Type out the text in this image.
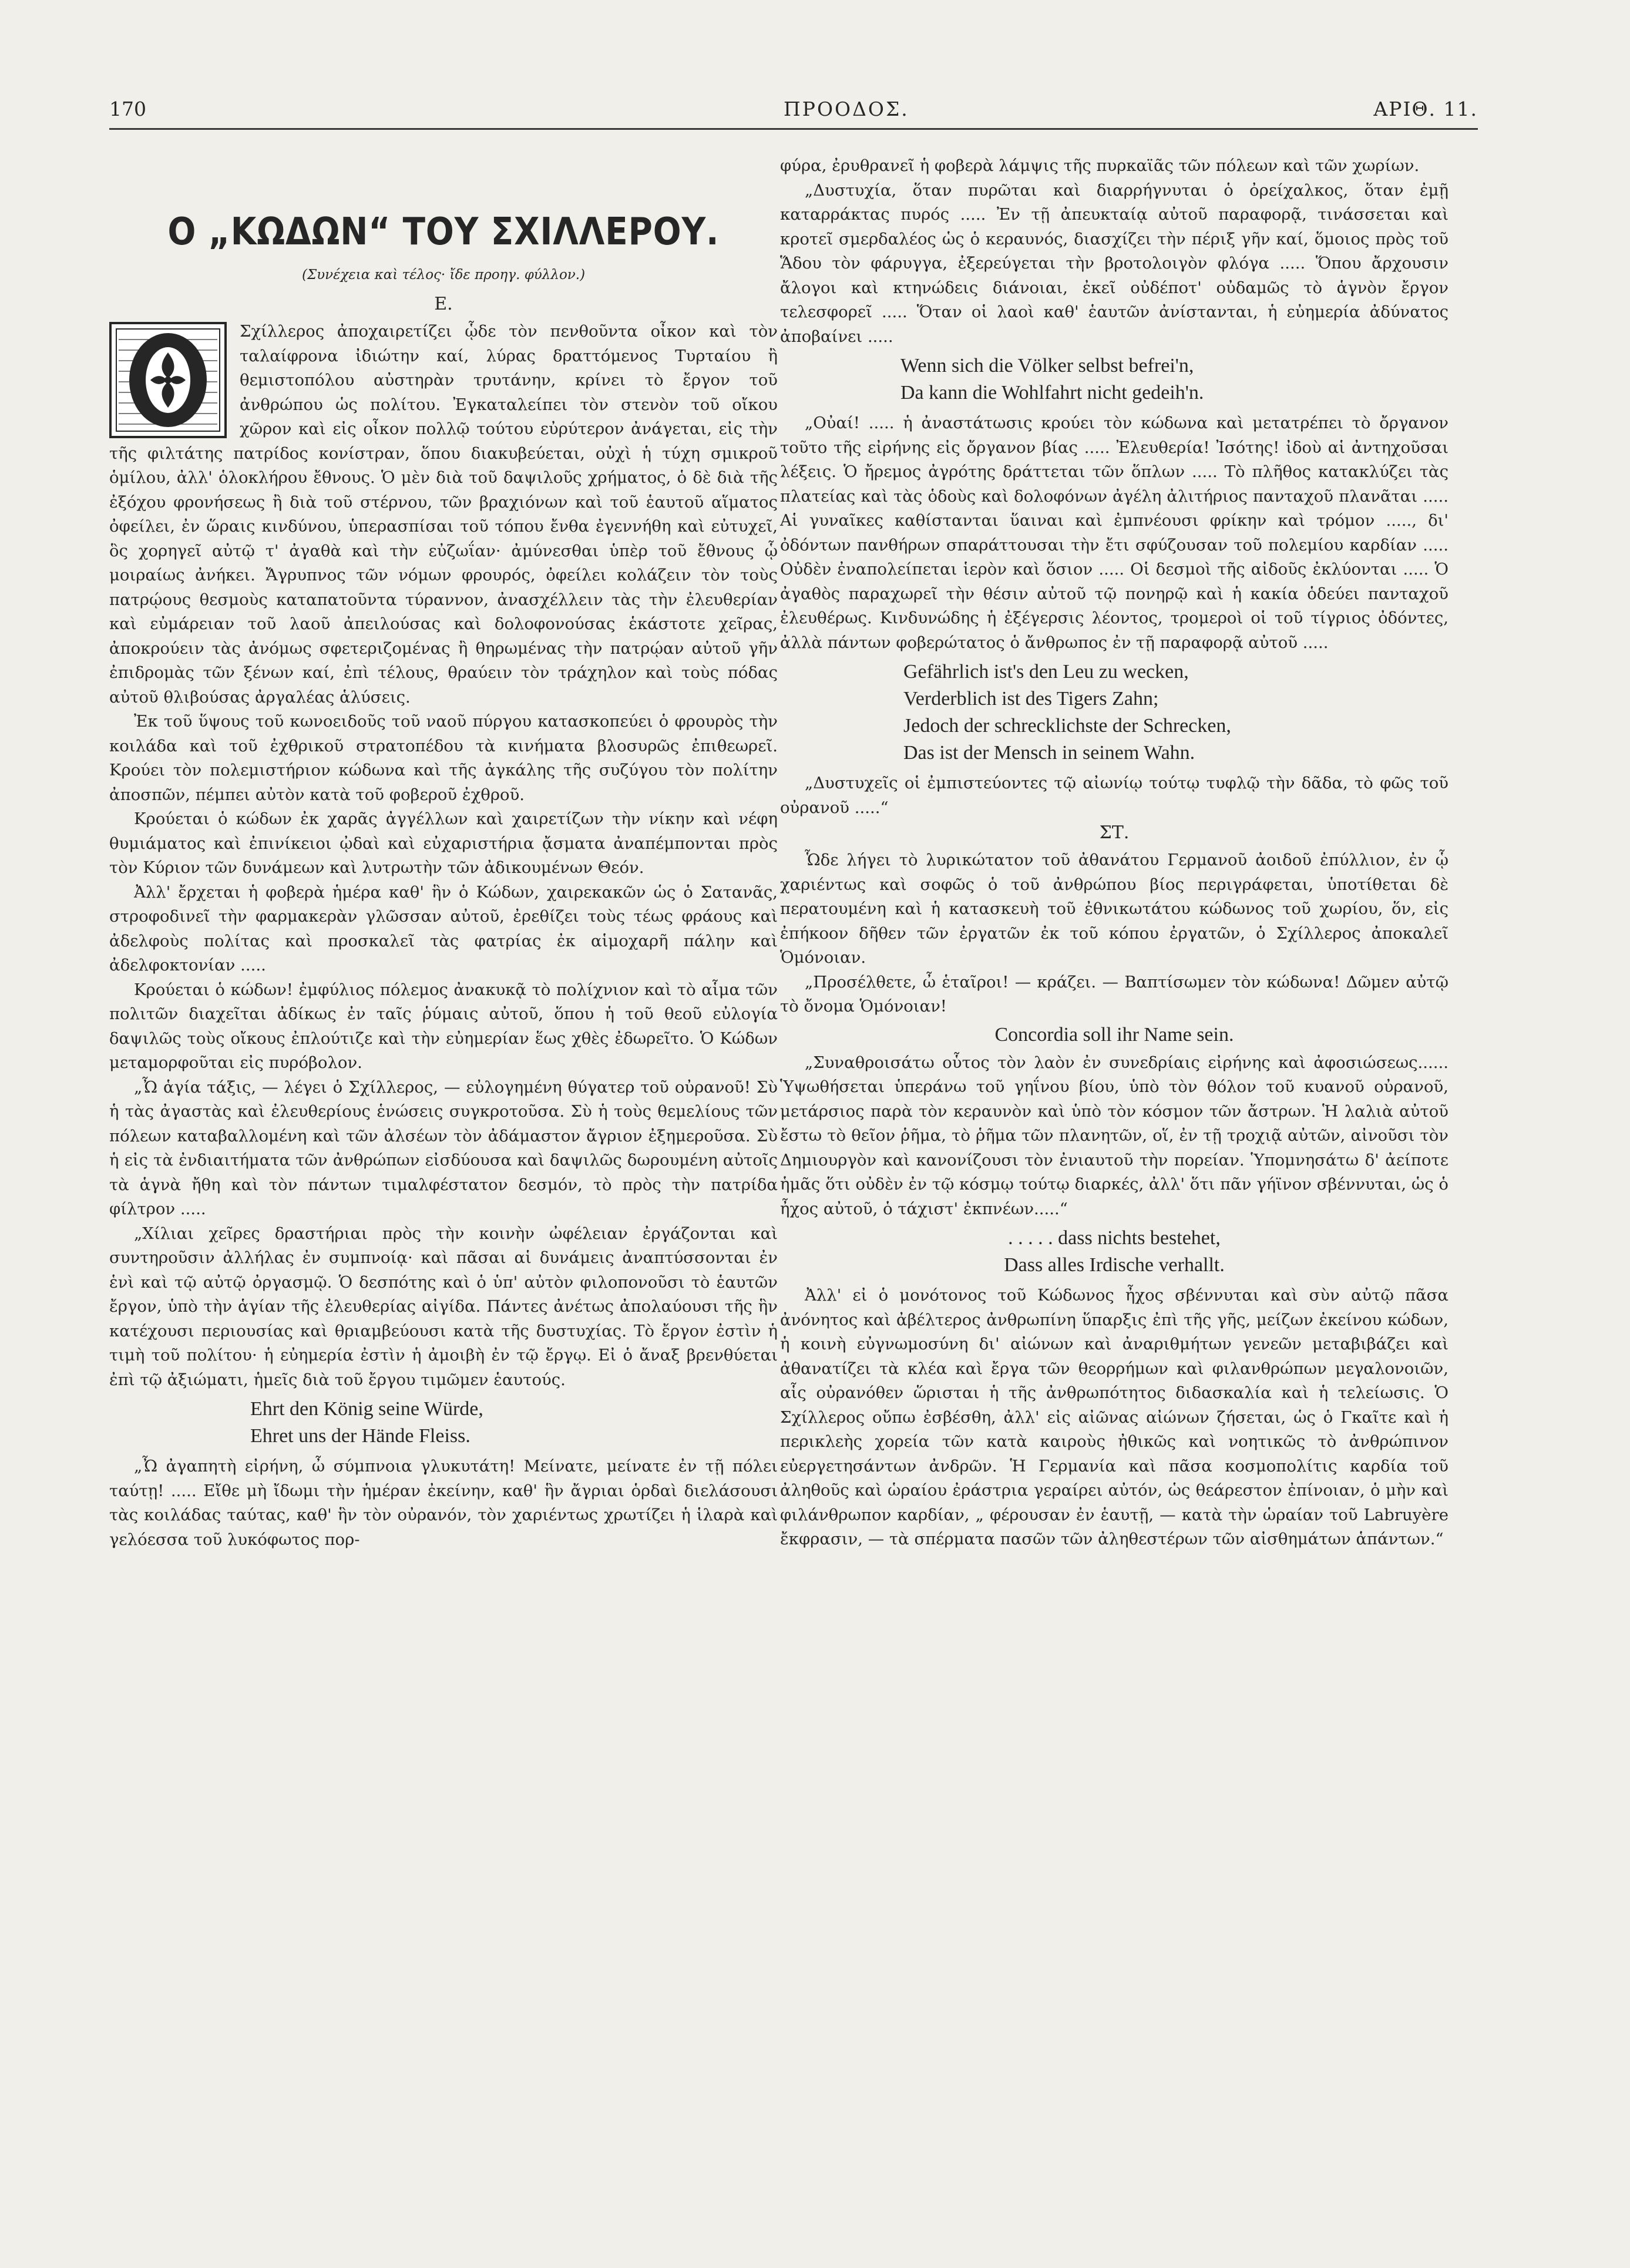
170	ΠΡΟΟΔΟΣ.	ΑΡΙΘ. 11.
Ο „ΚΩΔΩΝ“ ΤΟΥ ΣΧΙΛΛΕΡΟΥ.
(Συνέχεια καὶ τέλος· ἴδε προηγ. φύλλον.)
Ε.

Σχίλλερος ἀποχαιρετίζει ᾧδε τὸν πενθοῦντα οἶκον καὶ τὸν ταλαίφρονα ἰδιώτην καί, λύρας δραττόμενος Τυρταίου ἢ θεμιστοπόλου αὐστηρὰν τρυτάνην, κρίνει τὸ ἔργον τοῦ ἀνθρώπου ὡς πολίτου. Ἐγκαταλείπει τὸν στενὸν τοῦ οἴκου χῶρον καὶ εἰς οἶκον πολλῷ τούτου εὐρύτερον ἀνάγεται, εἰς τὴν τῆς φιλτάτης πατρίδος κονίστραν, ὅπου διακυβεύεται, οὐχὶ ἡ τύχη σμικροῦ ὁμίλου, ἀλλ' ὁλοκλήρου ἔθνους. Ὁ μὲν διὰ τοῦ δαψιλοῦς χρήματος, ὁ δὲ διὰ τῆς ἐξόχου φρονήσεως ἢ διὰ τοῦ στέρνου, τῶν βραχιόνων καὶ τοῦ ἑαυτοῦ αἵματος ὀφείλει, ἐν ὥραις κινδύνου, ὑπερασπίσαι τοῦ τόπου ἔνθα ἐγεννήθη καὶ εὐτυχεῖ, ὃς χορηγεῖ αὐτῷ τ' ἀγαθὰ καὶ τὴν εὐζωΐαν· ἀμύνεσθαι ὑπὲρ τοῦ ἔθνους ᾧ μοιραίως ἀνήκει. Ἄγρυπνος τῶν νόμων φρουρός, ὀφείλει κολάζειν τὸν τοὺς πατρῴους θεσμοὺς καταπατοῦντα τύραννον, ἀνασχέλλειν τὰς τὴν ἐλευθερίαν καὶ εὐμάρειαν τοῦ λαοῦ ἀπειλούσας καὶ δολοφονούσας ἑκάστοτε χεῖρας, ἀποκρούειν τὰς ἀνόμως σφετεριζομένας ἢ θηρωμένας τὴν πατρῴαν αὐτοῦ γῆν ἐπιδρομὰς τῶν ξένων καί, ἐπὶ τέλους, θραύειν τὸν τράχηλον καὶ τοὺς πόδας αὐτοῦ θλιβούσας ἀργαλέας ἁλύσεις.

Ἐκ τοῦ ὕψους τοῦ κωνοειδοῦς τοῦ ναοῦ πύργου κατασκοπεύει ὁ φρουρὸς τὴν κοιλάδα καὶ τοῦ ἐχθρικοῦ στρατοπέδου τὰ κινήματα βλοσυρῶς ἐπιθεωρεῖ. Κρούει τὸν πολεμιστήριον κώδωνα καὶ τῆς ἀγκάλης τῆς συζύγου τὸν πολίτην ἀποσπῶν, πέμπει αὐτὸν κατὰ τοῦ φοβεροῦ ἐχθροῦ.

Κρούεται ὁ κώδων ἐκ χαρᾶς ἀγγέλλων καὶ χαιρετίζων τὴν νίκην καὶ νέφη θυμιάματος καὶ ἐπινίκειοι ᾠδαὶ καὶ εὐχαριστήρια ᾄσματα ἀναπέμπονται πρὸς τὸν Κύριον τῶν δυνάμεων καὶ λυτρωτὴν τῶν ἀδικουμένων Θεόν.

Ἀλλ' ἔρχεται ἡ φοβερὰ ἡμέρα καθ' ἣν ὁ Κώδων, χαιρεκακῶν ὡς ὁ Σατανᾶς, στροφοδινεῖ τὴν φαρμακερὰν γλῶσσαν αὐτοῦ, ἐρεθίζει τοὺς τέως φράους καὶ ἀδελφοὺς πολίτας καὶ προσκαλεῖ τὰς φατρίας ἐκ αἱμοχαρῆ πάλην καὶ ἀδελφοκτονίαν .....

Κρούεται ὁ κώδων! ἐμφύλιος πόλεμος ἀνακυκᾷ τὸ πολίχνιον καὶ τὸ αἷμα τῶν πολιτῶν διαχεῖται ἀδίκως ἐν ταῖς ῥύμαις αὐτοῦ, ὅπου ἡ τοῦ θεοῦ εὐλογία δαψιλῶς τοὺς οἴκους ἐπλούτιζε καὶ τὴν εὐημερίαν ἕως χθὲς ἐδωρεῖτο. Ὁ Κώδων μεταμορφοῦται εἰς πυρόβολον.

„Ὦ ἁγία τάξις, — λέγει ὁ Σχίλλερος, — εὐλογημένη θύγατερ τοῦ οὐρανοῦ! Σὺ ἡ τὰς ἀγαστὰς καὶ ἐλευθερίους ἑνώσεις συγκροτοῦσα. Σὺ ἡ τοὺς θεμελίους τῶν πόλεων καταβαλλομένη καὶ τῶν ἀλσέων τὸν ἀδάμαστον ἄγριον ἐξημεροῦσα. Σὺ ἡ εἰς τὰ ἐνδιαιτήματα τῶν ἀνθρώπων εἰσδύουσα καὶ δαψιλῶς δωρουμένη αὐτοῖς τὰ ἁγνὰ ἤθη καὶ τὸν πάντων τιμαλφέστατον δεσμόν, τὸ πρὸς τὴν πατρίδα φίλτρον .....

„Χίλιαι χεῖρες δραστήριαι πρὸς τὴν κοινὴν ὠφέλειαν ἐργάζονται καὶ συντηροῦσιν ἀλλήλας ἐν συμπνοίᾳ· καὶ πᾶσαι αἱ δυνάμεις ἀναπτύσσονται ἐν ἑνὶ καὶ τῷ αὐτῷ ὀργασμῷ. Ὁ δεσπότης καὶ ὁ ὑπ' αὐτὸν φιλοπονοῦσι τὸ ἑαυτῶν ἔργον, ὑπὸ τὴν ἁγίαν τῆς ἐλευθερίας αἰγίδα. Πάντες ἀνέτως ἀπολαύουσι τῆς ἣν κατέχουσι περιουσίας καὶ θριαμβεύουσι κατὰ τῆς δυστυχίας. Τὸ ἔργον ἐστὶν ἡ τιμὴ τοῦ πολίτου· ἡ εὐημερία ἐστὶν ἡ ἀμοιβὴ ἐν τῷ ἔργῳ. Εἰ ὁ ἄναξ βρενθύεται ἐπὶ τῷ ἀξιώματι, ἡμεῖς διὰ τοῦ ἔργου τιμῶμεν ἑαυτούς.

Ehrt den König seine Würde,
Ehret uns der Hände Fleiss.

„Ὦ ἀγαπητὴ εἰρήνη, ὦ σύμπνοια γλυκυτάτη! Μείνατε, μείνατε ἐν τῇ πόλει ταύτῃ! ..... Εἴθε μὴ ἴδωμι τὴν ἡμέραν ἐκείνην, καθ' ἣν ἄγριαι ὁρδαὶ διελάσουσι τὰς κοιλάδας ταύτας, καθ' ἣν τὸν οὐρανόν, τὸν χαριέντως χρωτίζει ἡ ἱλαρὰ καὶ γελόεσσα τοῦ λυκόφωτος πορ-

φύρα, ἐρυθρανεῖ ἡ φοβερὰ λάμψις τῆς πυρκαϊᾶς τῶν πόλεων καὶ τῶν χωρίων.

„Δυστυχία, ὅταν πυρῶται καὶ διαρρήγνυται ὁ ὀρείχαλκος, ὅταν ἐμῇ καταρράκτας πυρός ..... Ἐν τῇ ἀπευκταίᾳ αὐτοῦ παραφορᾷ, τινάσσεται καὶ κροτεῖ σμερδαλέος ὡς ὁ κεραυνός, διασχίζει τὴν πέριξ γῆν καί, ὅμοιος πρὸς τοῦ Ἅδου τὸν φάρυγγα, ἐξερεύγεται τὴν βροτολοιγὸν φλόγα ..... Ὅπου ἄρχουσιν ἄλογοι καὶ κτηνώδεις διάνοιαι, ἐκεῖ οὐδέποτ' οὐδαμῶς τὸ ἁγνὸν ἔργον τελεσφορεῖ ..... Ὅταν οἱ λαοὶ καθ' ἑαυτῶν ἀνίστανται, ἡ εὐημερία ἀδύνατος ἀποβαίνει .....

Wenn sich die Völker selbst befrei'n,
Da kann die Wohlfahrt nicht gedeih'n.

„Οὐαί! ..... ἡ ἀναστάτωσις κρούει τὸν κώδωνα καὶ μετατρέπει τὸ ὄργανον τοῦτο τῆς εἰρήνης εἰς ὄργανον βίας ..... Ἐλευθερία! Ἰσότης! ἰδοὺ αἱ ἀντηχοῦσαι λέξεις. Ὁ ἤρεμος ἀγρότης δράττεται τῶν ὅπλων ..... Τὸ πλῆθος κατακλύζει τὰς πλατείας καὶ τὰς ὁδοὺς καὶ δολοφόνων ἀγέλη ἀλιτήριος πανταχοῦ πλανᾶται ..... Αἱ γυναῖκες καθίστανται ὕαιναι καὶ ἐμπνέουσι φρίκην καὶ τρόμον ....., δι' ὀδόντων πανθήρων σπαράττουσαι τὴν ἔτι σφύζουσαν τοῦ πολεμίου καρδίαν ..... Οὐδὲν ἐναπολείπεται ἱερὸν καὶ ὅσιον ..... Οἱ δεσμοὶ τῆς αἰδοῦς ἐκλύονται ..... Ὁ ἀγαθὸς παραχωρεῖ τὴν θέσιν αὐτοῦ τῷ πονηρῷ καὶ ἡ κακία ὁδεύει πανταχοῦ ἐλευθέρως. Κινδυνώδης ἡ ἐξέγερσις λέοντος, τρομεροὶ οἱ τοῦ τίγριος ὀδόντες, ἀλλὰ πάντων φοβερώτατος ὁ ἄνθρωπος ἐν τῇ παραφορᾷ αὐτοῦ .....

Gefährlich ist's den Leu zu wecken,
Verderblich ist des Tigers Zahn;
Jedoch der schrecklichste der Schrecken,
Das ist der Mensch in seinem Wahn.

„Δυστυχεῖς οἱ ἐμπιστεύοντες τῷ αἰωνίῳ τούτῳ τυφλῷ τὴν δᾶδα, τὸ φῶς τοῦ οὐρανοῦ .....“

ΣΤ.

Ὧδε λήγει τὸ λυρικώτατον τοῦ ἀθανάτου Γερμανοῦ ἀοιδοῦ ἐπύλλιον, ἐν ᾧ χαριέντως καὶ σοφῶς ὁ τοῦ ἀνθρώπου βίος περιγράφεται, ὑποτίθεται δὲ περατουμένη καὶ ἡ κατασκευὴ τοῦ ἐθνικωτάτου κώδωνος τοῦ χωρίου, ὅν, εἰς ἐπήκοον δῆθεν τῶν ἐργατῶν ἐκ τοῦ κόπου ἐργατῶν, ὁ Σχίλλερος ἀποκαλεῖ Ὁμόνοιαν.

„Προσέλθετε, ὦ ἑταῖροι! — κράζει. — Βαπτίσωμεν τὸν κώδωνα! Δῶμεν αὐτῷ τὸ ὄνομα Ὁμόνοιαν!

Concordia soll ihr Name sein.

„Συναθροισάτω οὗτος τὸν λαὸν ἐν συνεδρίαις εἰρήνης καὶ ἀφοσιώσεως...... Ὑψωθήσεται ὑπεράνω τοῦ γηΐνου βίου, ὑπὸ τὸν θόλον τοῦ κυανοῦ οὐρανοῦ, μετάρσιος παρὰ τὸν κεραυνὸν καὶ ὑπὸ τὸν κόσμον τῶν ἄστρων. Ἡ λαλιὰ αὐτοῦ ἔστω τὸ θεῖον ῥῆμα, τὸ ῥῆμα τῶν πλανητῶν, οἵ, ἐν τῇ τροχιᾷ αὐτῶν, αἰνοῦσι τὸν Δημιουργὸν καὶ κανονίζουσι τὸν ἐνιαυτοῦ τὴν πορείαν. Ὑπομνησάτω δ' ἀείποτε ἡμᾶς ὅτι οὐδὲν ἐν τῷ κόσμῳ τούτῳ διαρκές, ἀλλ' ὅτι πᾶν γήϊνον σβέννυται, ὡς ὁ ἦχος αὐτοῦ, ὁ τάχιστ' ἐκπνέων.....“

. . . . . dass nichts bestehet,
Dass alles Irdische verhallt.

Ἀλλ' εἰ ὁ μονότονος τοῦ Κώδωνος ἦχος σβέννυται καὶ σὺν αὐτῷ πᾶσα ἀνόνητος καὶ ἀβέλτερος ἀνθρωπίνη ὕπαρξις ἐπὶ τῆς γῆς, μείζων ἐκείνου κώδων, ἡ κοινὴ εὐγνωμοσύνη δι' αἰώνων καὶ ἀναριθμήτων γενεῶν μεταβιβάζει καὶ ἀθανατίζει τὰ κλέα καὶ ἔργα τῶν θεορρήμων καὶ φιλανθρώπων μεγαλονοιῶν, αἷς οὐρανόθεν ὥρισται ἡ τῆς ἀνθρωπότητος διδασκαλία καὶ ἡ τελείωσις. Ὁ Σχίλλερος οὔπω ἐσβέσθη, ἀλλ' εἰς αἰῶνας αἰώνων ζήσεται, ὡς ὁ Γκαῖτε καὶ ἡ περικλεὴς χορεία τῶν κατὰ καιροὺς ἠθικῶς καὶ νοητικῶς τὸ ἀνθρώπινον εὐεργετησάντων ἀνδρῶν. Ἡ Γερμανία καὶ πᾶσα κοσμοπολίτις καρδία τοῦ ἀληθοῦς καὶ ὡραίου ἐράστρια γεραίρει αὐτόν, ὡς θεάρεστον ἐπίνοιαν, ὁ μὴν καὶ φιλάνθρωπον καρδίαν, „ φέρουσαν ἐν ἑαυτῇ, — κατὰ τὴν ὡραίαν τοῦ Labruyère ἔκφρασιν, — τὰ σπέρματα πασῶν τῶν ἀληθεστέρων τῶν αἰσθημάτων ἁπάντων.“
